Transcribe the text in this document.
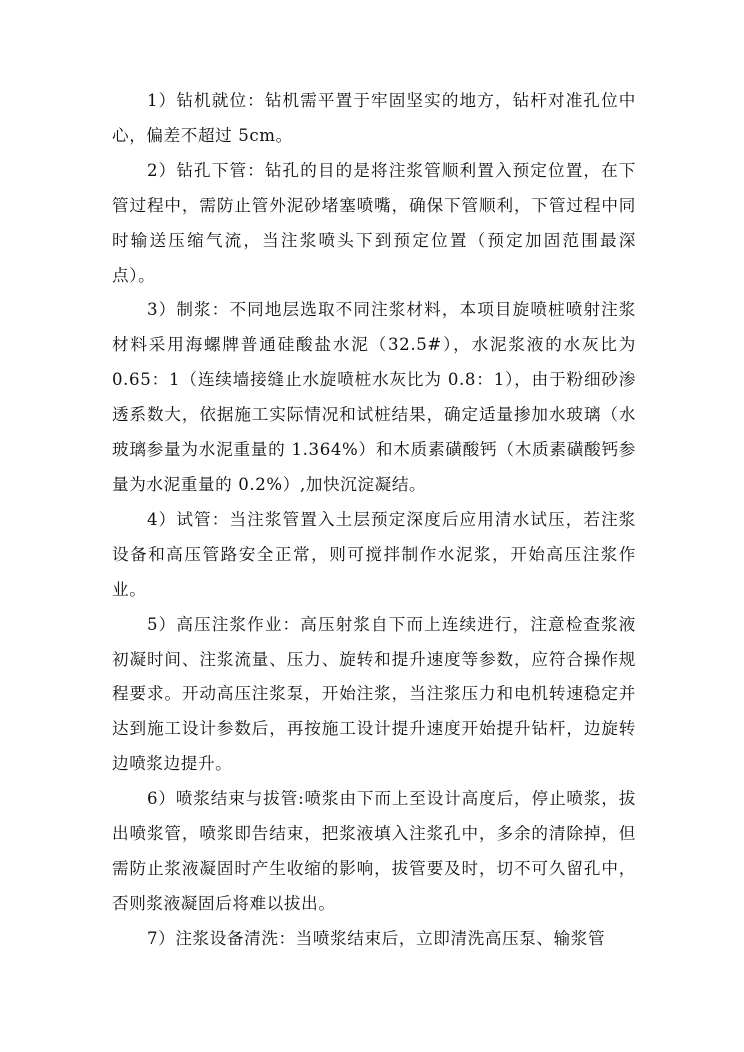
1）钻机就位：钻机需平置于牢固坚实的地方，钻杆对准孔位中心，偏差不超过 5cm。

2）钻孔下管：钻孔的目的是将注浆管顺利置入预定位置，在下管过程中，需防止管外泥砂堵塞喷嘴，确保下管顺利，下管过程中同时输送压缩气流，当注浆喷头下到预定位置（预定加固范围最深点）。

3）制浆：不同地层选取不同注浆材料，本项目旋喷桩喷射注浆材料采用海螺牌普通硅酸盐水泥（32.5#），水泥浆液的水灰比为 0.65：1（连续墙接缝止水旋喷桩水灰比为 0.8：1），由于粉细砂渗透系数大，依据施工实际情况和试桩结果，确定适量掺加水玻璃（水玻璃参量为水泥重量的 1.364%）和木质素磺酸钙（木质素磺酸钙参量为水泥重量的 0.2%）,加快沉淀凝结。

4）试管：当注浆管置入土层预定深度后应用清水试压，若注浆设备和高压管路安全正常，则可搅拌制作水泥浆，开始高压注浆作业。

5）高压注浆作业：高压射浆自下而上连续进行，注意检查浆液初凝时间、注浆流量、压力、旋转和提升速度等参数，应符合操作规程要求。开动高压注浆泵，开始注浆，当注浆压力和电机转速稳定并达到施工设计参数后，再按施工设计提升速度开始提升钻杆，边旋转边喷浆边提升。

6）喷浆结束与拔管:喷浆由下而上至设计高度后，停止喷浆，拔出喷浆管，喷浆即告结束，把浆液填入注浆孔中，多余的清除掉，但需防止浆液凝固时产生收缩的影响，拔管要及时，切不可久留孔中，否则浆液凝固后将难以拔出。

7）注浆设备清洗：当喷浆结束后，立即清洗高压泵、输浆管
